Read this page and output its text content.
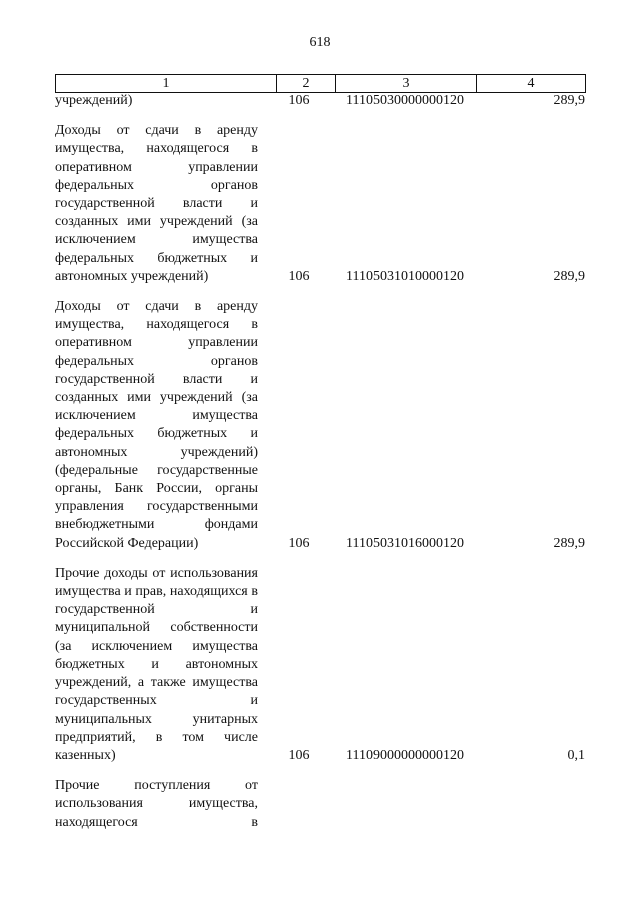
618
1	2	3	4
учреждений)	106	11105030000000120	289,9
Доходы от сдачи в аренду имущества, находящегося в оперативном управлении федеральных органов государственной власти и созданных ими учреждений (за исключением имущества федеральных бюджетных и автономных учреждений)	106	11105031010000120	289,9
Доходы от сдачи в аренду имущества, находящегося в оперативном управлении федеральных органов государственной власти и созданных ими учреждений (за исключением имущества федеральных бюджетных и автономных учреждений) (федеральные государственные органы, Банк России, органы управления государственными внебюджетными фондами Российской Федерации)	106	11105031016000120	289,9
Прочие доходы от использования имущества и прав, находящихся в государственной и муниципальной собственности (за исключением имущества бюджетных и автономных учреждений, а также имущества государственных и муниципальных унитарных предприятий, в том числе казенных)	106	11109000000000120	0,1
Прочие поступления от использования имущества, находящегося в
